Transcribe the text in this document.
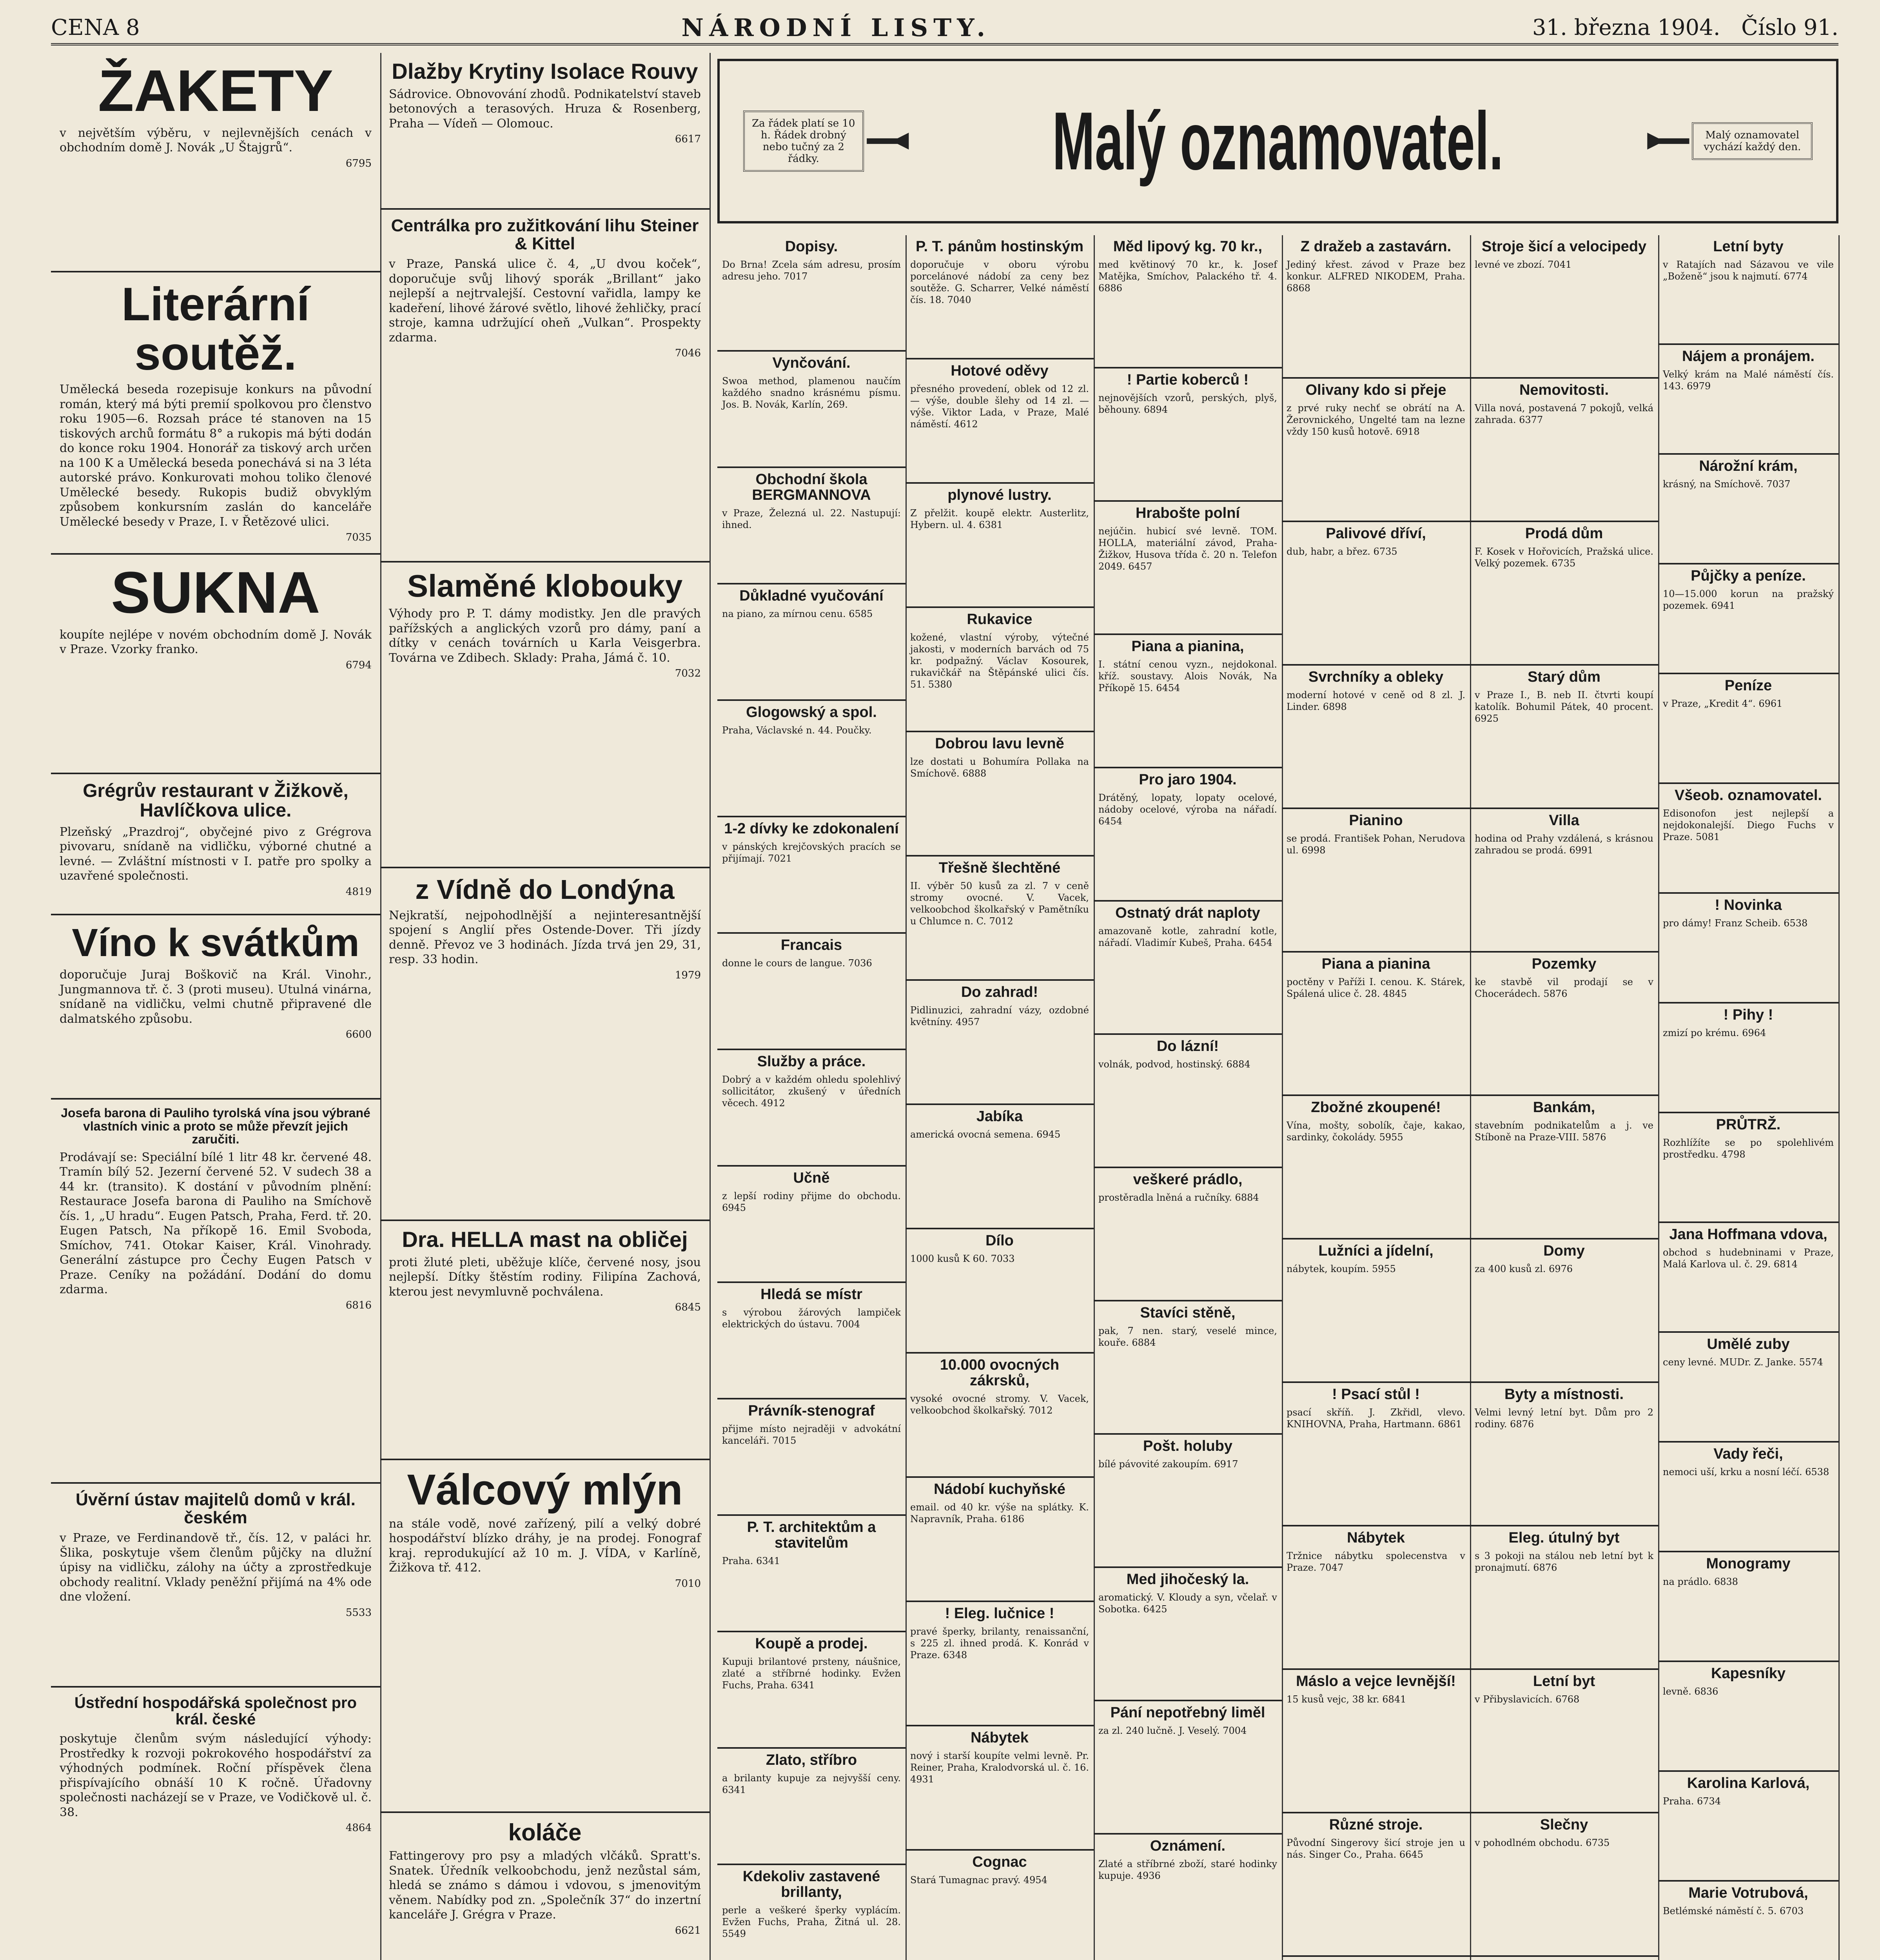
CENA 8	NÁRODNÍ LISTY.	31. března 1904. Číslo 91.
ŽAKETY

v největším výběru, v nejlevnějších cenách v obchodním domě J. Novák „U Štajgrů“.

6795
Literární soutěž.

Umělecká beseda rozepisuje konkurs na původní román, který má býti premií spolkovou pro členstvo roku 1905—6. Rozsah práce té stanoven na 15 tiskových archů formátu 8° a rukopis má býti dodán do konce roku 1904. Honorář za tiskový arch určen na 100 K a Umělecká beseda ponechává si na 3 léta autorské právo. Konkurovati mohou toliko členové Umělecké besedy. Rukopis budiž obvyklým způsobem konkursním zaslán do kanceláře Umělecké besedy v Praze, I. v Řetězové ulici.

7035
SUKNA

koupíte nejlépe v novém obchodním domě J. Novák v Praze. Vzorky franko.

6794
Grégrův restaurant v Žižkově, Havlíčkova ulice.

Plzeňský „Prazdroj“, obyčejné pivo z Grégrova pivovaru, snídaně na vidličku, výborné chutné a levné. — Zvláštní místnosti v I. patře pro spolky a uzavřené společnosti.

4819
Víno k svátkům

doporučuje Juraj Boškovič na Král. Vinohr., Jungmannova tř. č. 3 (proti museu). Utulná vinárna, snídaně na vidličku, velmi chutně připravené dle dalmatského způsobu.

6600
Josefa barona di Pauliho tyrolská vína jsou výbrané vlastních vinic a proto se může převzít jejich zaručiti.

Prodávají se: Speciální bílé 1 litr 48 kr. červené 48. Tramín bílý 52. Jezerní červené 52. V sudech 38 a 44 kr. (transito). K dostání v původním plnění: Restaurace Josefa barona di Pauliho na Smíchově čís. 1, „U hradu“. Eugen Patsch, Praha, Ferd. tř. 20. Eugen Patsch, Na příkopě 16. Emil Svoboda, Smíchov, 741. Otokar Kaiser, Král. Vinohrady. Generální zástupce pro Čechy Eugen Patsch v Praze. Ceníky na požádání. Dodání do domu zdarma.

6816
Úvěrní ústav majitelů domů v král. českém

v Praze, ve Ferdinandově tř., čís. 12, v paláci hr. Šlika, poskytuje všem členům půjčky na dlužní úpisy na vidličku, zálohy na účty a zprostředkuje obchody realitní. Vklady peněžní přijímá na 4% ode dne vložení.

5533
Ústřední hospodářská společnost pro král. české

poskytuje členům svým následující výhody: Prostředky k rozvoji pokrokového hospodářství za výhodných podmínek. Roční příspěvek člena přispívajícího obnáší 10 K ročně. Úřadovny společnosti nacházejí se v Praze, ve Vodičkově ul. č. 38.

4864

Dlažby Krytiny Isolace Rouvy

Sádrovice. Obnovování zhodů. Podnikatelství staveb betonových a terasových. Hruza & Rosenberg, Praha — Vídeň — Olomouc.

6617
Centrálka pro zužitkování lihu Steiner & Kittel

v Praze, Panská ulice č. 4, „U dvou koček“, doporučuje svůj lihový sporák „Brillant“ jako nejlepší a nejtrvalejší. Cestovní vařidla, lampy ke kadeření, lihové žárové světlo, lihové žehličky, prací stroje, kamna udržující oheň „Vulkan“. Prospekty zdarma.

7046
Slaměné klobouky

Výhody pro P. T. dámy modistky. Jen dle pravých pařížských a anglických vzorů pro dámy, paní a dítky v cenách továrních u Karla Veisgerbra. Továrna ve Zdibech. Sklady: Praha, Jámá č. 10.

7032
z Vídně do Londýna

Nejkratší, nejpohodlnější a nejinteresantnější spojení s Anglií přes Ostende-Dover. Tři jízdy denně. Převoz ve 3 hodinách. Jízda trvá jen 29, 31, resp. 33 hodin.

1979
Dra. HELLA mast na obličej

proti žluté pleti, uběžuje klíče, červené nosy, jsou nejlepší. Dítky štěstím rodiny. Filipína Zachová, kterou jest nevymluvně pochválena.

6845
Válcový mlýn

na stále vodě, nové zařízený, pilí a velký dobré hospodářství blízko dráhy, je na prodej. Fonograf kraj. reprodukující až 10 m. J. VÍDA, v Karlíně, Žižkova tř. 412.

7010
koláče

Fattingerovy pro psy a mladých vlčáků. Spratt's. Snatek. Úředník velkoobchodu, jenž nezůstal sám, hledá se známo s dámou i vdovou, s jmenovitým věnem. Nabídky pod zn. „Společník 37“ do inzertní kanceláře J. Grégra v Praze.

6621
Za řádek platí se 10 h. Řádek drobný nebo tučný za 2 řádky.	Malý oznamovatel.	Malý oznamovatel vychází každý den.
Dopisy.

Do Brna! Zcela sám adresu, prosím adresu jeho. 7017

Vynčování.

Swoa method, plamenou naučím každého snadno krásnému písmu. Jos. B. Novák, Karlín, 269.

Obchodní škola BERGMANNOVA

v Praze, Železná ul. 22. Nastupují: ihned.

Důkladné vyučování

na piano, za mírnou cenu. 6585

Glogowský a spol.

Praha, Václavské n. 44. Poučky.

1-2 dívky ke zdokonalení

v pánských krejčovských pracích se přijímají. 7021

Francais

donne le cours de langue. 7036

Služby a práce.

Dobrý a v každém ohledu spolehlivý sollicitátor, zkušený v úředních věcech. 4912

Učně

z lepší rodiny přijme do obchodu. 6945

Hledá se místr

s výrobou žárových lampiček elektrických do ústavu. 7004

Právník-stenograf

přijme místo nejraději v advokátní kanceláři. 7015

P. T. architektům a stavitelům

Praha. 6341

Koupě a prodej.

Kupuji brilantové prsteny, náušnice, zlaté a stříbrné hodinky. Evžen Fuchs, Praha. 6341

Zlato, stříbro

a brilanty kupuje za nejvyšší ceny. 6341

Kdekoliv zastavené brillanty,

perle a veškeré šperky vyplácím. Evžen Fuchs, Praha, Žitná ul. 28. 5549

P. T. pánům hostinským

doporučuje v oboru výrobu porcelánové nádobí za ceny bez soutěže. G. Scharrer, Velké náměstí čís. 18. 7040

Hotové oděvy

přesného provedení, oblek od 12 zl. — výše, double šlehy od 14 zl. — výše. Viktor Lada, v Praze, Malé náměstí. 4612

plynové lustry.

Z přelžit. koupě elektr. Austerlitz, Hybern. ul. 4. 6381

Rukavice

kožené, vlastní výroby, výtečné jakosti, v moderních barvách od 75 kr. podpažný. Václav Kosourek, rukavičkář na Štěpánské ulici čís. 51. 5380

Dobrou lavu levně

lze dostati u Bohumíra Pollaka na Smíchově. 6888

Třešně šlechtěné

II. výběr 50 kusů za zl. 7 v ceně stromy ovocné. V. Vacek, velkoobchod školkařský v Pamětníku u Chlumce n. C. 7012

Do zahrad!

Pidlinuzici, zahradní vázy, ozdobné květníny. 4957

Jabíka

americká ovocná semena. 6945

Dílo

1000 kusů K 60. 7033

10.000 ovocných zákrsků,

vysoké ovocné stromy. V. Vacek, velkoobchod školkařský. 7012

Nádobí kuchyňské

email. od 40 kr. výše na splátky. K. Napravník, Praha. 6186

! Eleg. lučnice !

pravé šperky, brilanty, renaissanční, s 225 zl. ihned prodá. K. Konrád v Praze. 6348

Nábytek

nový i starší koupíte velmi levně. Pr. Reiner, Praha, Kralodvorská ul. č. 16. 4931

Cognac

Stará Tumagnac pravý. 4954

Měd lipový kg. 70 kr.,

med květinový 70 kr., k. Josef Matějka, Smíchov, Palackého tř. 4. 6886

! Partie koberců !

nejnovějších vzorů, perských, plyš, běhouny. 6894

Hrabošte polní

nejúčin. hubicí své levně. TOM. HOLLA, materiální závod, Praha-Žižkov, Husova třída č. 20 n. Telefon 2049. 6457

Piana a pianina,

I. státní cenou vyzn., nejdokonal. kříž. soustavy. Alois Novák, Na Příkopě 15. 6454

Pro jaro 1904.

Drátěný, lopaty, lopaty ocelové, nádoby ocelové, výroba na nářadí. 6454

Ostnatý drát naploty

amazovaně kotle, zahradní kotle, nářadí. Vladimír Kubeš, Praha. 6454

Do lázní!

volnák, podvod, hostinský. 6884

veškeré prádlo,

prostěradla lněná a ručníky. 6884

Stavíci stěně,

pak, 7 nen. starý, veselé mince, kouře. 6884

Pošt. holuby

bílé pávovité zakoupím. 6917

Med jihočeský la.

aromatický. V. Kloudy a syn, včelař. v Sobotka. 6425

Pání nepotřebný liměl

za zl. 240 lučně. J. Veselý. 7004

Oznámení.

Zlaté a stříbrné zboží, staré hodinky kupuje. 4936

Z dražeb a zastavárn.

Jediný křest. závod v Praze bez konkur. ALFRED NIKODEM, Praha. 6868

Olivany kdo si přeje

z prvé ruky nechť se obrátí na A. Žerovnického, Ungelté tam na lezne vždy 150 kusů hotově. 6918

Palivové dříví,

dub, habr, a břez. 6735

Svrchníky a obleky

moderní hotové v ceně od 8 zl. J. Linder. 6898

Pianino

se prodá. František Pohan, Nerudova ul. 6998

Piana a pianina

poctěny v Paříži I. cenou. K. Stárek, Spálená ulice č. 28. 4845

Zbožné zkoupené!

Vína, mošty, sobolík, čaje, kakao, sardinky, čokolády. 5955

Lužníci a jídelní,

nábytek, koupím. 5955

! Psací stůl !

psací skříň. J. Zkřidl, vlevo. KNIHOVNA, Praha, Hartmann. 6861

Nábytek

Tržnice nábytku spolecenstva v Praze. 7047

Máslo a vejce levnější!

15 kusů vejc, 38 kr. 6841

Různé stroje.

Původní Singerovy šicí stroje jen u nás. Singer Co., Praha. 6645

Stroje šicí a velocipedy

levné ve zbozí. 7041

Nemovitosti.

Villa nová, postavená 7 pokojů, velká zahrada. 6377

Prodá dům

F. Kosek v Hořovicích, Pražská ulice. Velký pozemek. 6735

Starý dům

v Praze I., B. neb II. čtvrti koupí katolík. Bohumil Pátek, 40 procent. 6925

Villa

hodina od Prahy vzdálená, s krásnou zahradou se prodá. 6991

Pozemky

ke stavbě vil prodají se v Chocerádech. 5876

Bankám,

stavebním podnikatelům a j. ve Stíboně na Praze-VIII. 5876

Domy

za 400 kusů zl. 6976

Byty a místnosti.

Velmi levný letní byt. Dům pro 2 rodiny. 6876

Eleg. útulný byt

s 3 pokoji na stálou neb letní byt k pronajmutí. 6876

Letní byt

v Přibyslavicích. 6768

Slečny

v pohodlném obchodu. 6735

Letní byty

v Ratajích nad Sázavou ve vile „Boženě“ jsou k najmutí. 6774

Nájem a pronájem.

Velký krám na Malé náměstí čís. 143. 6979

Nárožní krám,

krásný, na Smíchově. 7037

Půjčky a peníze.

10—15.000 korun na pražský pozemek. 6941

Peníze

v Praze, „Kredit 4“. 6961

Všeob. oznamovatel.

Edisonofon jest nejlepší a nejdokonalejší. Diego Fuchs v Praze. 5081

! Novinka

pro dámy! Franz Scheib. 6538

! Pihy !

zmizí po krému. 6964

PRŮTRŽ.

Rozhlížíte se po spolehlivém prostředku. 4798

Jana Hoffmana vdova,

obchod s hudebninami v Praze, Malá Karlova ul. č. 29. 6814

Umělé zuby

ceny levné. MUDr. Z. Janke. 5574

Vady řeči,

nemoci uší, krku a nosní léčí. 6538

Monogramy

na prádlo. 6838

Kapesníky

levně. 6836

Karolina Karlová,

Praha. 6734

Marie Votrubová,

Betlémské náměstí č. 5. 6703
